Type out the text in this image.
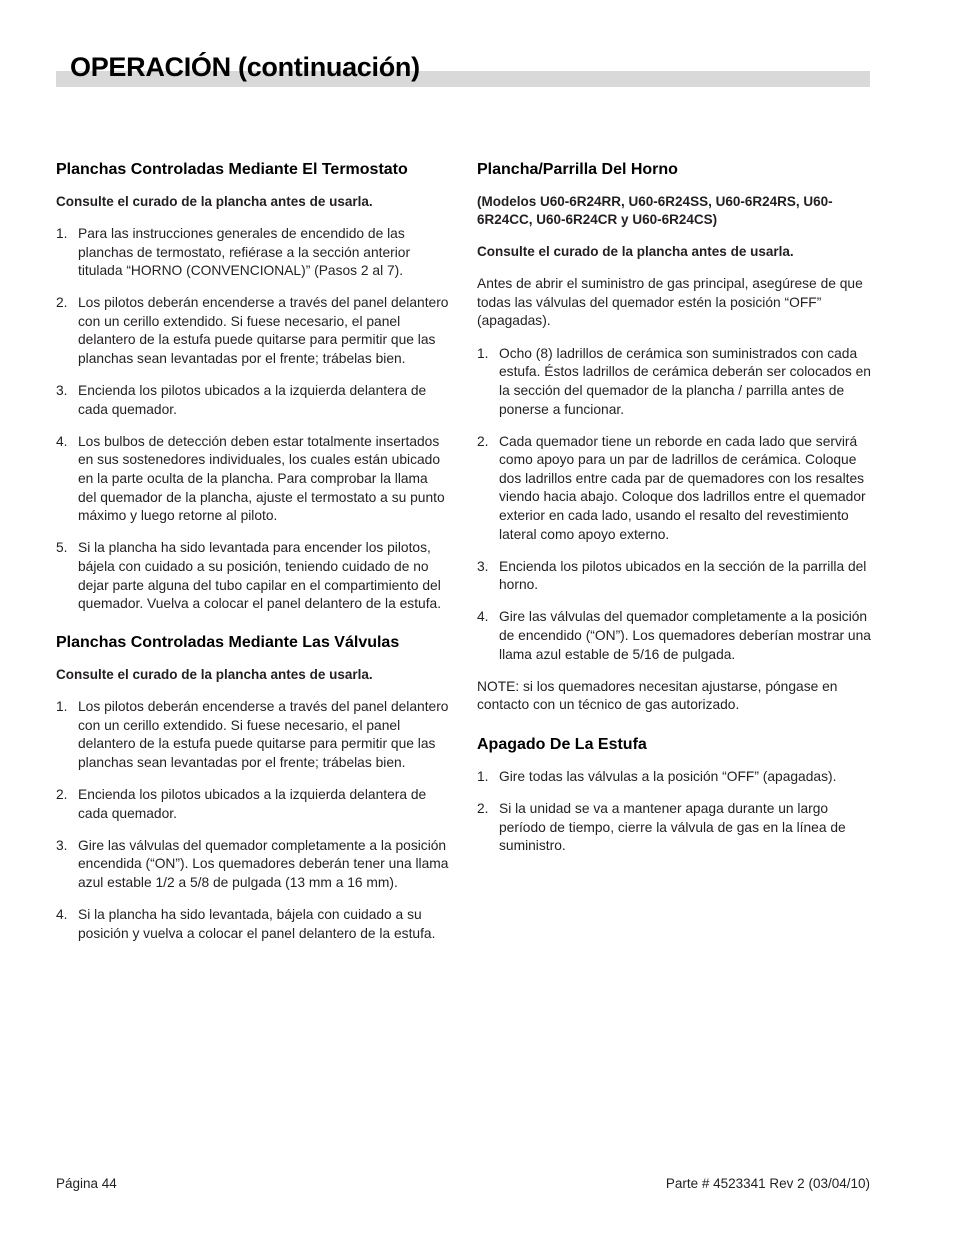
OPERACIÓN (continuación)
Planchas Controladas Mediante El Termostato

Consulte el curado de la plancha antes de usarla.

1. Para las instrucciones generales de encendido de las planchas de termostato, refiérase a la sección anterior titulada “HORNO (CONVENCIONAL)” (Pasos 2 al 7).
2. Los pilotos deberán encenderse a través del panel delantero con un cerillo extendido. Si fuese necesario, el panel delantero de la estufa puede quitarse para permitir que las planchas sean levantadas por el frente; trábelas bien.
3. Encienda los pilotos ubicados a la izquierda delantera de cada quemador.
4. Los bulbos de detección deben estar totalmente insertados en sus sostenedores individuales, los cuales están ubicado en la parte oculta de la plancha. Para comprobar la llama del quemador de la plancha, ajuste el termostato a su punto máximo y luego retorne al piloto.
5. Si la plancha ha sido levantada para encender los pilotos, bájela con cuidado a su posición, teniendo cuidado de no dejar parte alguna del tubo capilar en el compartimiento del quemador. Vuelva a colocar el panel delantero de la estufa.
Planchas Controladas Mediante Las Válvulas

Consulte el curado de la plancha antes de usarla.

1. Los pilotos deberán encenderse a través del panel delantero con un cerillo extendido. Si fuese necesario, el panel delantero de la estufa puede quitarse para permitir que las planchas sean levantadas por el frente; trábelas bien.
2. Encienda los pilotos ubicados a la izquierda delantera de cada quemador.
3. Gire las válvulas del quemador completamente a la posición encendida (“ON”). Los quemadores deberán tener una llama azul estable 1/2 a 5/8 de pulgada (13 mm a 16 mm).
4. Si la plancha ha sido levantada, bájela con cuidado a su posición y vuelva a colocar el panel delantero de la estufa.
Plancha/Parrilla Del Horno

(Modelos U60-6R24RR, U60-6R24SS, U60-6R24RS, U60-6R24CC, U60-6R24CR y U60-6R24CS)

Consulte el curado de la plancha antes de usarla.

Antes de abrir el suministro de gas principal, asegúrese de que todas las válvulas del quemador estén la posición “OFF” (apagadas).

1. Ocho (8) ladrillos de cerámica son suministrados con cada estufa. Éstos ladrillos de cerámica deberán ser colocados en la sección del quemador de la plancha / parrilla antes de ponerse a funcionar.
2. Cada quemador tiene un reborde en cada lado que servirá como apoyo para un par de ladrillos de cerámica. Coloque dos ladrillos entre cada par de quemadores con los resaltes viendo hacia abajo. Coloque dos ladrillos entre el quemador exterior en cada lado, usando el resalto del revestimiento lateral como apoyo externo.
3. Encienda los pilotos ubicados en la sección de la parrilla del horno.
4. Gire las válvulas del quemador completamente a la posición de encendido (“ON”). Los quemadores deberían mostrar una llama azul estable de 5/16 de pulgada.

NOTE: si los quemadores necesitan ajustarse, póngase en contacto con un técnico de gas autorizado.

Apagado De La Estufa
1. Gire todas las válvulas a la posición “OFF” (apagadas).
2. Si la unidad se va a mantener apaga durante un largo período de tiempo, cierre la válvula de gas en la línea de suministro.
Página 44	Parte # 4523341 Rev 2 (03/04/10)
